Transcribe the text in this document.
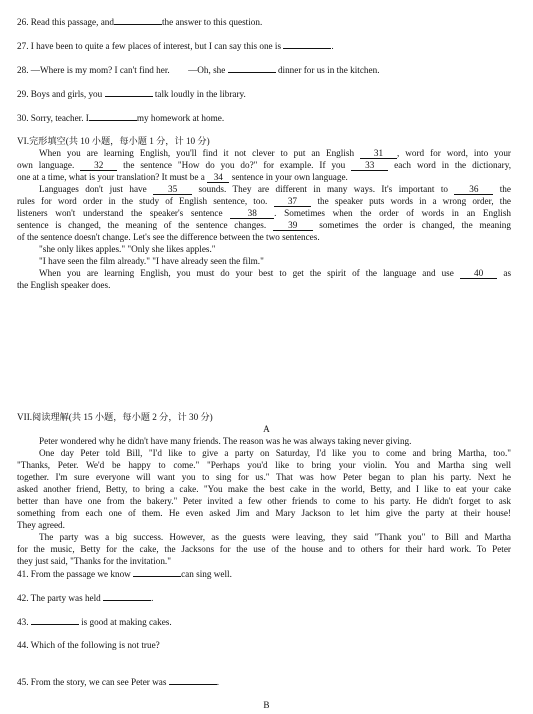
26. Read this passage, and	the answer to this question.
27. I have been to quite a few places of interest, but I can say this one is	.
28. —Where is my mom? I can't find her.        —Oh, she	dinner for us in the kitchen.
29. Boys and girls, you	talk loudly in the library.
30. Sorry, teacher. I	my homework at home.
VI.完形填空(共 10 小题，每小题 1 分，计 10 分)
When you are learning English, you'll find it not clever to put an English   31  , word for word, into your
own language.   32   the sentence "How do you do?" for example. If you   33   each word in the dictionary,
one at a time, what is your translation? It must be a   34   sentence in your own language.
Languages don't just have   35   sounds. They are different in many ways. It's important to   36   the
rules for word order in the study of English sentence, too.   37   the speaker puts words in a wrong order, the
listeners won't understand the speaker's sentence   38  . Sometimes when the order of words in an English
sentence is changed, the meaning of the sentence changes.   39   sometimes the order is changed, the meaning
of the sentence doesn't change. Let's see the difference between the two sentences.
"she only likes apples." "Only she likes apples."
"I have seen the film already." "I have already seen the film."
When you are learning English, you must do your best to get the spirit of the language and use   40   as
the English speaker does.
VII.阅读理解(共 15 小题，每小题 2 分，计 30 分)
A
Peter wondered why he didn't have many friends. The reason was he was always taking never giving.
One day Peter told Bill, "I'd like to give a party on Saturday, I'd like you to come and bring Martha, too."
"Thanks, Peter. We'd be happy to come." "Perhaps you'd like to bring your violin. You and Martha sing well
together. I'm sure everyone will want you to sing for us." That was how Peter began to plan his party. Next he
asked another friend, Betty, to bring a cake. "You make the best cake in the world, Betty, and I like to eat your cake
better than have one from the bakery." Peter invited a few other friends to come to his party. He didn't forget to ask
something from each one of them. He even asked Jim and Mary Jackson to let him give the party at their house!
They agreed.
The party was a big success. However, as the guests were leaving, they said "Thank you" to Bill and Martha
for the music, Betty for the cake, the Jacksons for the use of the house and to others for their hard work. To Peter
they just said, "Thanks for the invitation."
41. From the passage we know	can sing well.
42. The party was held	.
43.	is good at making cakes.
44. Which of the following is not true?
45. From the story, we can see Peter was	.
B
